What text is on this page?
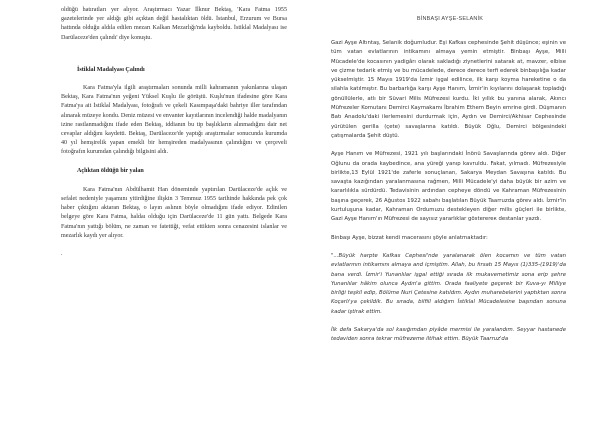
oldüğü hatıratları yer alıyor. Araştırmacı Yazar İlknur Bektaş, 'Kara Fatma 1955 gazetelerinde yer aldığı gibi açıktan değil hastalıktan öldü. İstanbul, Erzurum ve Bursa hattında olduğu aldıla edilen mezarı Kalkan Mezarlığı'nda kayboldu. İstiklal Madalyası ise Darülaceze'den çalındı' diye konuştu.

İstiklal Madalyası Çalındı

Kara Fatma'yla ilgili araştırmaları sonunda milli kahramanın yakınlarına ulaşan Bektaş, Kara Fatma'nın yeğeni Yüksel Kuşlu ile görüştü. Kuşlu'nun ifadesine göre Kara Fatma'ya ait İstiklal Madalyası, fotoğrafı ve çekeli Kasımpaşa'daki bahriye iller tarafından alınarak müzeye kondu. Deniz müzesi ve envanter kayıtlarının incelendiği halde madalyanın izine rastlanmadığını ifade eden Bektaş, iddianın bu tip başlıkların alınmadığını dair net cevaplar aldığını kaydetti. Bektaş, Darülaceze'de yaptığı araştırmalar sonucunda kurumda 40 yıl hemşirelik yapan emekli bir hemşireden madalyasının çalındığını ve çerçeveli fotoğrafın kurumdan çalındığı bilgisini aldı.

Açlıktan öldüğü bir yalan

Kara Fatma'nın Abdülhamit Han döneminde yaptırılan Darülaceze'de açlık ve sefalet nedeniyle yaşamını yitirdiğine ilişkin 3 Temmuz 1955 tarihinde hakkında pek çok haber çıktığını aktaran Bektaş, o layın aslının böyle olmadığını ifade ediyor. Edinilen belgeye göre Kara Fatma, haldaı olduğu için Darülaceze'de 11 gün yattı. Belgede Kara Fatma'nın yattığı bölüm, ne zaman ve fatettiği, vefat ettikten sonra cenazesini islanlar ve mezarlık kaydı yer alıyor.

.

BİNBAŞI AYŞE-SELANİK

Gazi Ayşe Altıntaş, Selanik doğumludur. Eşi Kafkas cephesinde Şehit düşünce; eşinin ve tüm vatan evlatlarının intikamını almaya yemin etmiştir. Binbaşı Ayşe, Milli Mücadele'de kocasının yadigârı olarak sakladığı ziynetlerini satarak at, mavzer, elbise ve çizme tedarik etmiş ve bu mücadelede, derece derece terfi ederek binbaşılığa kadar yükselmiştir. 15 Mayıs 1919'da İzmir işgal edilince, ilk karşı koyma hareketine o da silahla katılmıştır. Bu barbarlığa karşı Ayşe Hanım, İzmir'in kıyılarını dolaşarak topladığı gönüllülerle, atlı bir Süvari Milis Müfrezesi kurdu. İki yıllık bu yanına alarak, Akıncı Müfrezeler Komutanı Demirci Kaymakamı İbrahim Ethem Beyin emrine girdi. Düşmanın Batı Anadolu'daki ilerlemesini durdurmak için, Aydın ve Demirci/Akhisar Cephesinde yürütülen gerilla (çete) savaşlarına katıldı. Büyük Oğlu, Demirci bölgesindeki çatışmalarda Şehit düştü.

Ayşe Hanım ve Müfrezesi, 1921 yılı başlarındaki İnönü Savaşlarında görev aldı. Diğer Oğlunu da orada kaybedince, ana yüreği yanıp kavruldu. Fakat, yılmadı. Müfrezesiyle birlikte,13 Eylül 1921'de zaferle sonuçlanan, Sakarya Meydan Savaşına katıldı. Bu savaşta kazığından yaralanmasına rağmen, Milli Mücadele'yi daha büyük bir azim ve kararlılıkla sürdürdü. Tedavisinin ardından cepheye döndü ve Kahraman Müfrezesinin başına geçerek, 26 Ağustos 1922 sabahı başlatılan Büyük Taarruzda görev aldı. İzmir'in kurtuluşuna kadar, Kahraman Ordumuzu destekleyen diğer milis güçleri ile birlikte, Gazi Ayşe Hanım'ın Müfrezesi de sayısız yararlıklar gösterereк destanlar yazdı.

Binbaşı Ayşe, bizzat kendi macerasını şöyle anlatmaktadır:

"...Büyük harpte Kafkas Cephesi'nde yaralanarak ölen kocamın ve tüm vatan evlatlarının intikamını almaya and içmiştim. Allah, bu fırsatı 15 Mayıs (1)335-(1919)'da bana verdi. İzmir'i Yunanlılar işgal ettiği sırada ilk mukavemetimiz sona erip şehre Yunanlılar hâkim olunca Aydın'a gittim. Orada faaliyete geçerek bir Kuva-yı Milliye birliği teşkil edip, Bölüme Nuri Çetesine katıldım. Aydın muharebelerini yaptıktan sonra Koçarlı'ya çekildik. Bu sırada, bilfiil aldığım İstiklal Mücadelesine başından sonuna kadar iştirak ettim.

İlk defa Sakarya'da sol kasığımdan piyâde mermisi ile yaralandım. Seyyar hastanede tedaviden sonra tekrar müfrezeme iltihak ettim. Büyük Taarruz'da
